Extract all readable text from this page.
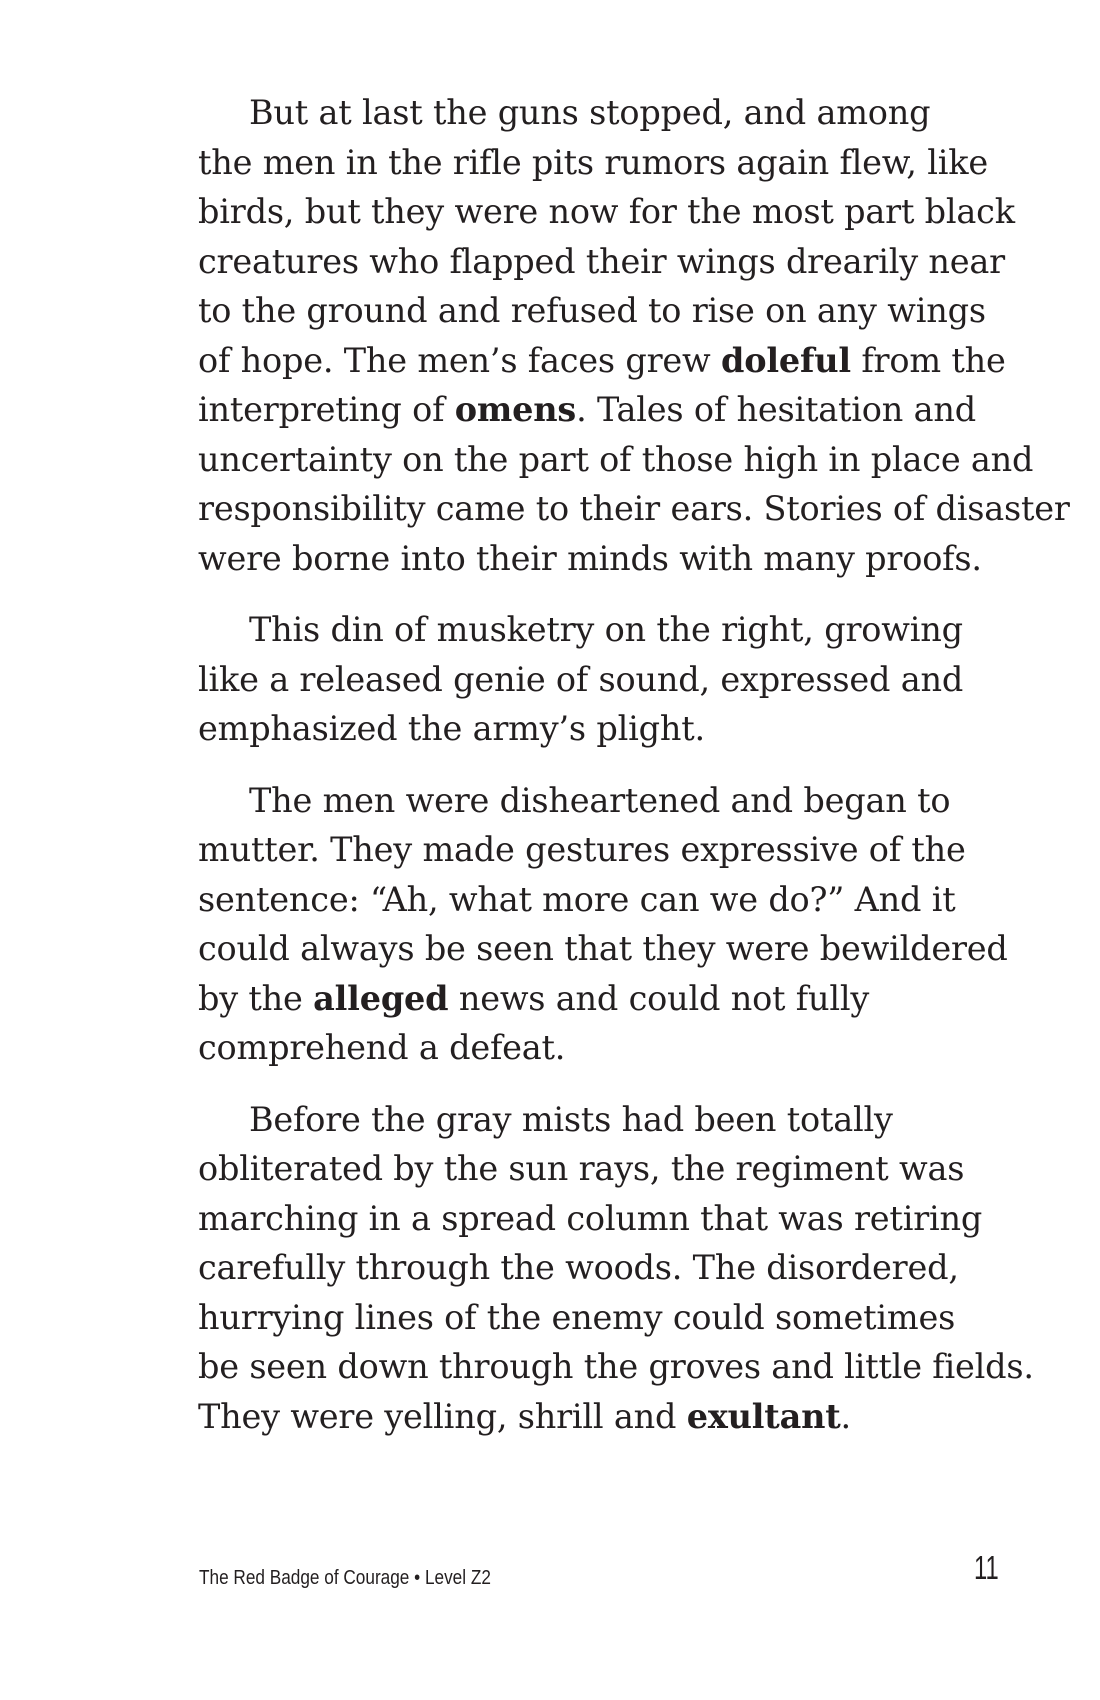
But at last the guns stopped, and among
the men in the rifle pits rumors again flew, like
birds, but they were now for the most part black
creatures who flapped their wings drearily near
to the ground and refused to rise on any wings
of hope. The men’s faces grew doleful from the
interpreting of omens. Tales of hesitation and
uncertainty on the part of those high in place and
responsibility came to their ears. Stories of disaster
were borne into their minds with many proofs.
This din of musketry on the right, growing
like a released genie of sound, expressed and
emphasized the army’s plight.
The men were disheartened and began to
mutter. They made gestures expressive of the
sentence: “Ah, what more can we do?” And it
could always be seen that they were bewildered
by the alleged news and could not fully
comprehend a defeat.
Before the gray mists had been totally
obliterated by the sun rays, the regiment was
marching in a spread column that was retiring
carefully through the woods. The disordered,
hurrying lines of the enemy could sometimes
be seen down through the groves and little fields.
They were yelling, shrill and exultant.
The Red Badge of Courage • Level Z2	11
